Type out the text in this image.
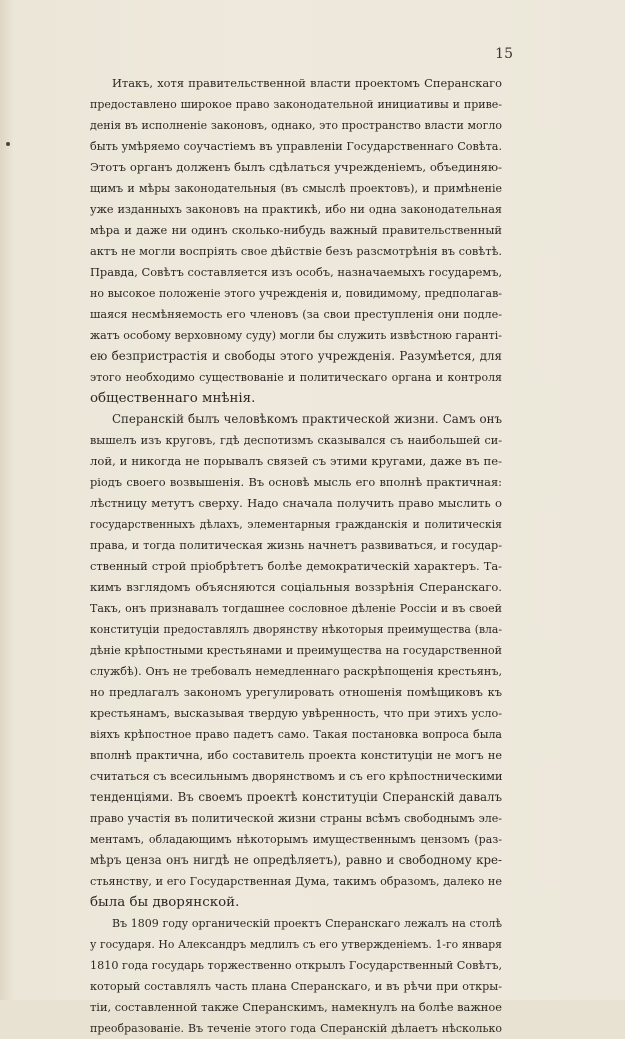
15

Итакъ, хотя правительственной власти проектомъ Сперанскаго
предоставлено широкое право законодательной инициативы и приве-
денія въ исполненіе законовъ, однако, это пространство власти могло
быть умѣряемо соучастіемъ въ управленіи Государственнаго Совѣта.
Этотъ органъ долженъ былъ сдѣлаться учрежденіемъ, объединяю-
щимъ и мѣры законодательныя (въ смыслѣ проектовъ), и примѣненіе
уже изданныхъ законовъ на практикѣ, ибо ни одна законодательная
мѣра и даже ни одинъ сколько-нибудь важный правительственный
актъ не могли воспріять свое дѣйствіе безъ разсмотрѣнія въ совѣтѣ.
Правда, Совѣтъ составляется изъ особъ, назначаемыхъ государемъ,
но высокое положеніе этого учрежденія и, повидимому, предполагав-
шаяся несмѣняемость его членовъ (за свои преступленія они подле-
жатъ особому верховному суду) могли бы служить извѣстною гаранті-
ею безпристрастія и свободы этого учрежденія. Разумѣется, для
этого необходимо существованіе и политическаго органа и контроля
общественнаго мнѣнія.

Сперанскій былъ человѣкомъ практической жизни. Самъ онъ
вышелъ изъ круговъ, гдѣ деспотизмъ сказывался съ наибольшей си-
лой, и никогда не порывалъ связей съ этими кругами, даже въ пе-
ріодъ своего возвышенія. Въ основѣ мысль его вполнѣ практичная:
лѣстницу метутъ сверху. Надо сначала получить право мыслить о
государственныхъ дѣлахъ, элементарныя гражданскія и политическія
права, и тогда политическая жизнь начнетъ развиваться, и государ-
ственный строй пріобрѣтетъ болѣе демократическій характеръ. Та-
кимъ взглядомъ объясняются соціальныя воззрѣнія Сперанскаго.
Такъ, онъ признавалъ тогдашнее сословное дѣленіе Россіи и въ своей
конституціи предоставлялъ дворянству нѣкоторыя преимущества (вла-
дѣніе крѣпостными крестьянами и преимущества на государственной
службѣ). Онъ не требовалъ немедленнаго раскрѣпощенія крестьянъ,
но предлагалъ закономъ урегулировать отношенія помѣщиковъ къ
крестьянамъ, высказывая твердую увѣренность, что при этихъ усло-
віяхъ крѣпостное право падетъ само. Такая постановка вопроса была
вполнѣ практична, ибо составитель проекта конституціи не могъ не
считаться съ всесильнымъ дворянствомъ и съ его крѣпостническими
тенденціями. Въ своемъ проектѣ конституціи Сперанскій давалъ
право участія въ политической жизни страны всѣмъ свободнымъ эле-
ментамъ, обладающимъ нѣкоторымъ имущественнымъ цензомъ (раз-
мѣръ ценза онъ нигдѣ не опредѣляетъ), равно и свободному кре-
стьянству, и его Государственная Дума, такимъ образомъ, далеко не
была бы дворянской.

Въ 1809 году органическій проектъ Сперанскаго лежалъ на столѣ
у государя. Но Александръ медлилъ съ его утвержденіемъ. 1-го января
1810 года государь торжественно открылъ Государственный Совѣтъ,
который составлялъ часть плана Сперанскаго, и въ рѣчи при откры-
тіи, составленной также Сперанскимъ, намекнулъ на болѣе важное
преобразованіе. Въ теченіе этого года Сперанскій дѣлаетъ нѣсколько
